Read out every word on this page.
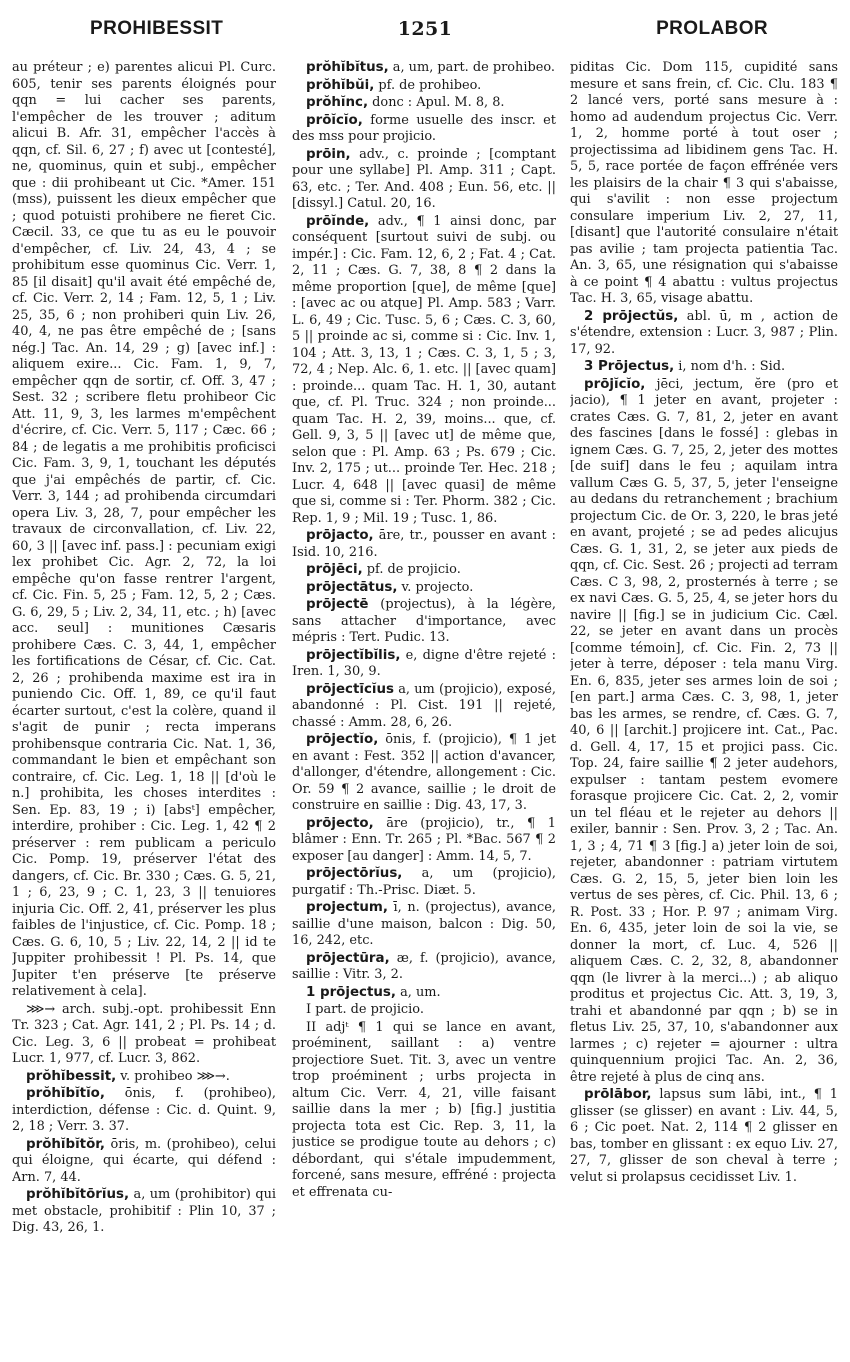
PROHIBESSIT	1251	PROLABOR

au préteur ; e) parentes alicui Pl. Curc. 605, tenir ses parents éloignés pour qqn = lui cacher ses parents, l'empêcher de les trouver ; aditum alicui B. Afr. 31, empêcher l'accès à qqn, cf. Sil. 6, 27 ; f) avec ut [contesté], ne, quominus, quin et subj., empêcher que : dii prohibeant ut Cic. *Amer. 151 (mss), puissent les dieux empêcher que ; quod potuisti prohibere ne fieret Cic. Cæcil. 33, ce que tu as eu le pouvoir d'empêcher, cf. Liv. 24, 43, 4 ; se prohibitum esse quominus Cic. Verr. 1, 85 [il disait] qu'il avait été empêché de, cf. Cic. Verr. 2, 14 ; Fam. 12, 5, 1 ; Liv. 25, 35, 6 ; non prohiberi quin Liv. 26, 40, 4, ne pas être empêché de ; [sans nég.] Tac. An. 14, 29 ; g) [avec inf.] : aliquem exire... Cic. Fam. 1, 9, 7, empêcher qqn de sortir, cf. Off. 3, 47 ; Sest. 32 ; scribere fletu prohibeor Cic Att. 11, 9, 3, les larmes m'empêchent d'écrire, cf. Cic. Verr. 5, 117 ; Cæc. 66 ; 84 ; de legatis a me prohibitis proficisci Cic. Fam. 3, 9, 1, touchant les députés que j'ai empêchés de partir, cf. Cic. Verr. 3, 144 ; ad prohibenda circumdari opera Liv. 3, 28, 7, pour empêcher les travaux de circonvallation, cf. Liv. 22, 60, 3 || [avec inf. pass.] : pecuniam exigi lex prohibet Cic. Agr. 2, 72, la loi empêche qu'on fasse rentrer l'argent, cf. Cic. Fin. 5, 25 ; Fam. 12, 5, 2 ; Cæs. G. 6, 29, 5 ; Liv. 2, 34, 11, etc. ; h) [avec acc. seul] : munitiones Cæsaris prohibere Cæs. C. 3, 44, 1, empêcher les fortifications de César, cf. Cic. Cat. 2, 26 ; prohibenda maxime est ira in puniendo Cic. Off. 1, 89, ce qu'il faut écarter surtout, c'est la colère, quand il s'agit de punir ; recta imperans prohibensque contraria Cic. Nat. 1, 36, commandant le bien et empêchant son contraire, cf. Cic. Leg. 1, 18 || [d'où le n.] prohibita, les choses interdites : Sen. Ep. 83, 19 ; i) [absᵗ] empêcher, interdire, prohiber : Cic. Leg. 1, 42 ¶ 2 préserver : rem publicam a periculo Cic. Pomp. 19, préserver l'état des dangers, cf. Cic. Br. 330 ; Cæs. G. 5, 21, 1 ; 6, 23, 9 ; C. 1, 23, 3 || tenuiores injuria Cic. Off. 2, 41, préserver les plus faibles de l'injustice, cf. Cic. Pomp. 18 ; Cæs. G. 6, 10, 5 ; Liv. 22, 14, 2 || id te Juppiter prohibessit ! Pl. Ps. 14, que Jupiter t'en préserve [te préserve relativement à cela].

⋙→ arch. subj.-opt. prohibessit Enn Tr. 323 ; Cat. Agr. 141, 2 ; Pl. Ps. 14 ; d. Cic. Leg. 3, 6 || probeat = prohibeat Lucr. 1, 977, cf. Lucr. 3, 862.

prŏhĭbessit, v. prohibeo ⋙→.

prŏhĭbĭtĭo, ōnis, f. (prohibeo), interdiction, défense : Cic. d. Quint. 9, 2, 18 ; Verr. 3. 37.

prŏhĭbĭtŏr, ōris, m. (prohibeo), celui qui éloigne, qui écarte, qui défend : Arn. 7, 44.

prŏhĭbĭtōrĭus, a, um (prohibitor) qui met obstacle, prohibitif : Plin 10, 37 ; Dig. 43, 26, 1.

prŏhĭbĭtus, a, um, part. de prohibeo.

prŏhĭbŭi, pf. de prohibeo.

prŏhĭnc, donc : Apul. M. 8, 8.

prōĭcĭo, forme usuelle des inscr. et des mss pour projicio.

prōin, adv., c. proinde ; [comptant pour une syllabe] Pl. Amp. 311 ; Capt. 63, etc. ; Ter. And. 408 ; Eun. 56, etc. || [dissyl.] Catul. 20, 16.

prōĭnde, adv., ¶ 1 ainsi donc, par conséquent [surtout suivi de subj. ou impér.] : Cic. Fam. 12, 6, 2 ; Fat. 4 ; Cat. 2, 11 ; Cæs. G. 7, 38, 8 ¶ 2 dans la même proportion [que], de même [que] : [avec ac ou atque] Pl. Amp. 583 ; Varr. L. 6, 49 ; Cic. Tusc. 5, 6 ; Cæs. C. 3, 60, 5 || proinde ac si, comme si : Cic. Inv. 1, 104 ; Att. 3, 13, 1 ; Cæs. C. 3, 1, 5 ; 3, 72, 4 ; Nep. Alc. 6, 1. etc. || [avec quam] : proinde... quam Tac. H. 1, 30, autant que, cf. Pl. Truc. 324 ; non proinde... quam Tac. H. 2, 39, moins... que, cf. Gell. 9, 3, 5 || [avec ut] de même que, selon que : Pl. Amp. 63 ; Ps. 679 ; Cic. Inv. 2, 175 ; ut... proinde Ter. Hec. 218 ; Lucr. 4, 648 || [avec quasi] de même que si, comme si : Ter. Phorm. 382 ; Cic. Rep. 1, 9 ; Mil. 19 ; Tusc. 1, 86.

prōjacto, āre, tr., pousser en avant : Isid. 10, 216.

prōjēci, pf. de projicio.

prōjectātus, v. projecto.

prōjectē (projectus), à la légère, sans attacher d'importance, avec mépris : Tert. Pudic. 13.

prōjectĭbĭlis, e, digne d'être rejeté : Iren. 1, 30, 9.

prōjectīcĭus a, um (projicio), exposé, abandonné : Pl. Cist. 191 || rejeté, chassé : Amm. 28, 6, 26.

prōjectĭo, ōnis, f. (projicio), ¶ 1 jet en avant : Fest. 352 || action d'avancer, d'allonger, d'étendre, allongement : Cic. Or. 59 ¶ 2 avance, saillie ; le droit de construire en saillie : Dig. 43, 17, 3.

prōjecto, āre (projicio), tr., ¶ 1 blâmer : Enn. Tr. 265 ; Pl. *Bac. 567 ¶ 2 exposer [au danger] : Amm. 14, 5, 7.

prōjectōrĭus, a, um (projicio), purgatif : Th.-Prisc. Diæt. 5.

projectum, ī, n. (projectus), avance, saillie d'une maison, balcon : Dig. 50, 16, 242, etc.

prōjectūra, æ, f. (projicio), avance, saillie : Vitr. 3, 2.

1 prōjectus, a, um.

I part. de projicio.

II adjᵗ ¶ 1 qui se lance en avant, proéminent, saillant : a) ventre projectiore Suet. Tit. 3, avec un ventre trop proéminent ; urbs projecta in altum Cic. Verr. 4, 21, ville faisant saillie dans la mer ; b) [fig.] justitia projecta tota est Cic. Rep. 3, 11, la justice se prodigue toute au dehors ; c) débordant, qui s'étale impudemment, forcené, sans mesure, effréné : projecta et effrenata cu-

piditas Cic. Dom 115, cupidité sans mesure et sans frein, cf. Cic. Clu. 183 ¶ 2 lancé vers, porté sans mesure à : homo ad audendum projectus Cic. Verr. 1, 2, homme porté à tout oser ; projectissima ad libidinem gens Tac. H. 5, 5, race portée de façon effrénée vers les plaisirs de la chair ¶ 3 qui s'abaisse, qui s'avilit : non esse projectum consulare imperium Liv. 2, 27, 11, [disant] que l'autorité consulaire n'était pas avilie ; tam projecta patientia Tac. An. 3, 65, une résignation qui s'abaisse à ce point ¶ 4 abattu : vultus projectus Tac. H. 3, 65, visage abattu.

2 prōjectŭs, abl. ū, m , action de s'étendre, extension : Lucr. 3, 987 ; Plin. 17, 92.

3 Prōjectus, i, nom d'h. : Sid.

prōjĭcĭo, jēci, jectum, ĕre (pro et jacio), ¶ 1 jeter en avant, projeter : crates Cæs. G. 7, 81, 2, jeter en avant des fascines [dans le fossé] : glebas in ignem Cæs. G. 7, 25, 2, jeter des mottes [de suif] dans le feu ; aquilam intra vallum Cæs G. 5, 37, 5, jeter l'enseigne au dedans du retranchement ; brachium projectum Cic. de Or. 3, 220, le bras jeté en avant, projeté ; se ad pedes alicujus Cæs. G. 1, 31, 2, se jeter aux pieds de qqn, cf. Cic. Sest. 26 ; projecti ad terram Cæs. C 3, 98, 2, prosternés à terre ; se ex navi Cæs. G. 5, 25, 4, se jeter hors du navire || [fig.] se in judicium Cic. Cæl. 22, se jeter en avant dans un procès [comme témoin], cf. Cic. Fin. 2, 73 || jeter à terre, déposer : tela manu Virg. En. 6, 835, jeter ses armes loin de soi ; [en part.] arma Cæs. C. 3, 98, 1, jeter bas les armes, se rendre, cf. Cæs. G. 7, 40, 6 || [archit.] projicere int. Cat., Pac. d. Gell. 4, 17, 15 et projici pass. Cic. Top. 24, faire saillie ¶ 2 jeter audehors, expulser : tantam pestem evomere forasque projicere Cic. Cat. 2, 2, vomir un tel fléau et le rejeter au dehors || exiler, bannir : Sen. Prov. 3, 2 ; Tac. An. 1, 3 ; 4, 71 ¶ 3 [fig.] a) jeter loin de soi, rejeter, abandonner : patriam virtutem Cæs. G. 2, 15, 5, jeter bien loin les vertus de ses pères, cf. Cic. Phil. 13, 6 ; R. Post. 33 ; Hor. P. 97 ; animam Virg. En. 6, 435, jeter loin de soi la vie, se donner la mort, cf. Luc. 4, 526 || aliquem Cæs. C. 2, 32, 8, abandonner qqn (le livrer à la merci...) ; ab aliquo proditus et projectus Cic. Att. 3, 19, 3, trahi et abandonné par qqn ; b) se in fletus Liv. 25, 37, 10, s'abandonner aux larmes ; c) rejeter = ajourner : ultra quinquennium projici Tac. An. 2, 36, être rejeté à plus de cinq ans.

prōlābor, lapsus sum lābi, int., ¶ 1 glisser (se glisser) en avant : Liv. 44, 5, 6 ; Cic poet. Nat. 2, 114 ¶ 2 glisser en bas, tomber en glissant : ex equo Liv. 27, 27, 7, glisser de son cheval à terre ; velut si prolapsus cecidisset Liv. 1.
